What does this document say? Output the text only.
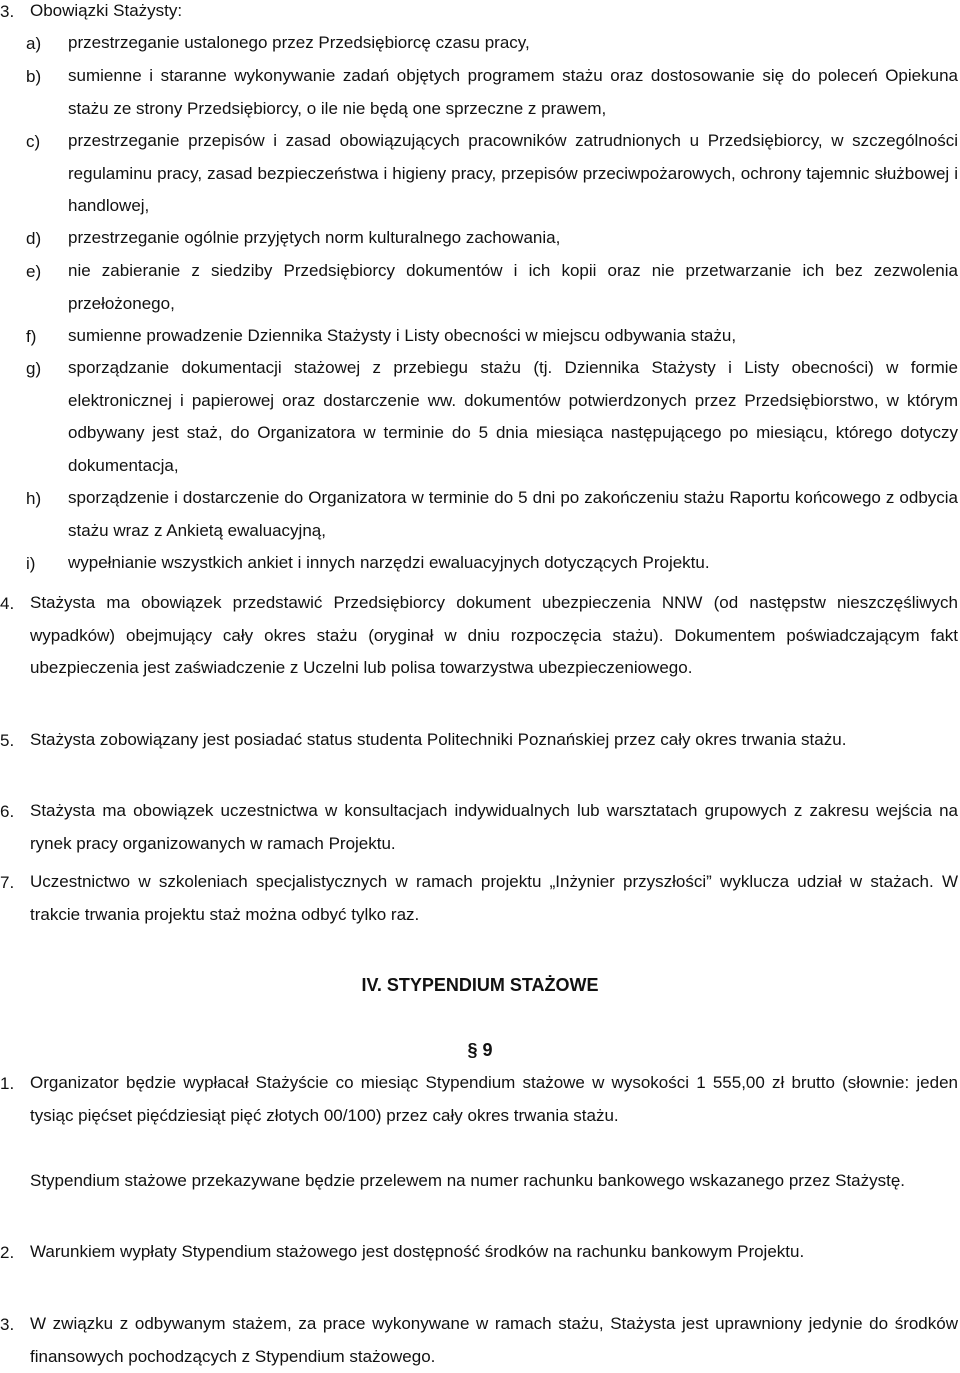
3. Obowiązki Stażysty:
a) przestrzeganie ustalonego przez Przedsiębiorcę czasu pracy,
b) sumienne i staranne wykonywanie zadań objętych programem stażu oraz dostosowanie się do poleceń Opiekuna stażu ze strony Przedsiębiorcy, o ile nie będą one sprzeczne z prawem,
c) przestrzeganie przepisów i zasad obowiązujących pracowników zatrudnionych u Przedsiębiorcy, w szczególności regulaminu pracy, zasad bezpieczeństwa i higieny pracy, przepisów przeciwpożarowych, ochrony tajemnic służbowej i handlowej,
d) przestrzeganie ogólnie przyjętych norm kulturalnego zachowania,
e) nie zabieranie z siedziby Przedsiębiorcy dokumentów i ich kopii oraz nie przetwarzanie ich bez zezwolenia przełożonego,
f) sumienne prowadzenie Dziennika Stażysty i Listy obecności w miejscu odbywania stażu,
g) sporządzanie dokumentacji stażowej z przebiegu stażu (tj. Dziennika Stażysty i Listy obecności) w formie elektronicznej i papierowej oraz dostarczenie ww. dokumentów potwierdzonych przez Przedsiębiorstwo, w którym odbywany jest staż, do Organizatora w terminie do 5 dnia miesiąca następującego po miesiącu, którego dotyczy dokumentacja,
h) sporządzenie i dostarczenie do Organizatora w terminie do 5 dni po zakończeniu stażu Raportu końcowego z odbycia stażu wraz z Ankietą ewaluacyjną,
i) wypełnianie wszystkich ankiet i innych narzędzi ewaluacyjnych dotyczących Projektu.
4. Stażysta ma obowiązek przedstawić Przedsiębiorcy dokument ubezpieczenia NNW (od następstw nieszczęśliwych wypadków) obejmujący cały okres stażu (oryginał w dniu rozpoczęcia stażu). Dokumentem poświadczającym fakt ubezpieczenia jest zaświadczenie z Uczelni lub polisa towarzystwa ubezpieczeniowego.
5. Stażysta zobowiązany jest posiadać status studenta Politechniki Poznańskiej przez cały okres trwania stażu.
6. Stażysta ma obowiązek uczestnictwa w konsultacjach indywidualnych lub warsztatach grupowych z zakresu wejścia na rynek pracy organizowanych w ramach Projektu.
7. Uczestnictwo w szkoleniach specjalistycznych w ramach projektu „Inżynier przyszłości” wyklucza udział w stażach. W trakcie trwania projektu staż można odbyć tylko raz.
IV. STYPENDIUM STAŻOWE
§ 9
1. Organizator będzie wypłacał Stażyście co miesiąc Stypendium stażowe w wysokości 1 555,00 zł brutto (słownie: jeden tysiąc pięćset pięćdziesiąt pięć złotych 00/100) przez cały okres trwania stażu.
Stypendium stażowe przekazywane będzie przelewem na numer rachunku bankowego wskazanego przez Stażystę.
2. Warunkiem wypłaty Stypendium stażowego jest dostępność środków na rachunku bankowym Projektu.
3. W związku z odbywanym stażem, za prace wykonywane w ramach stażu, Stażysta jest uprawniony jedynie do środków finansowych pochodzących z Stypendium stażowego.
